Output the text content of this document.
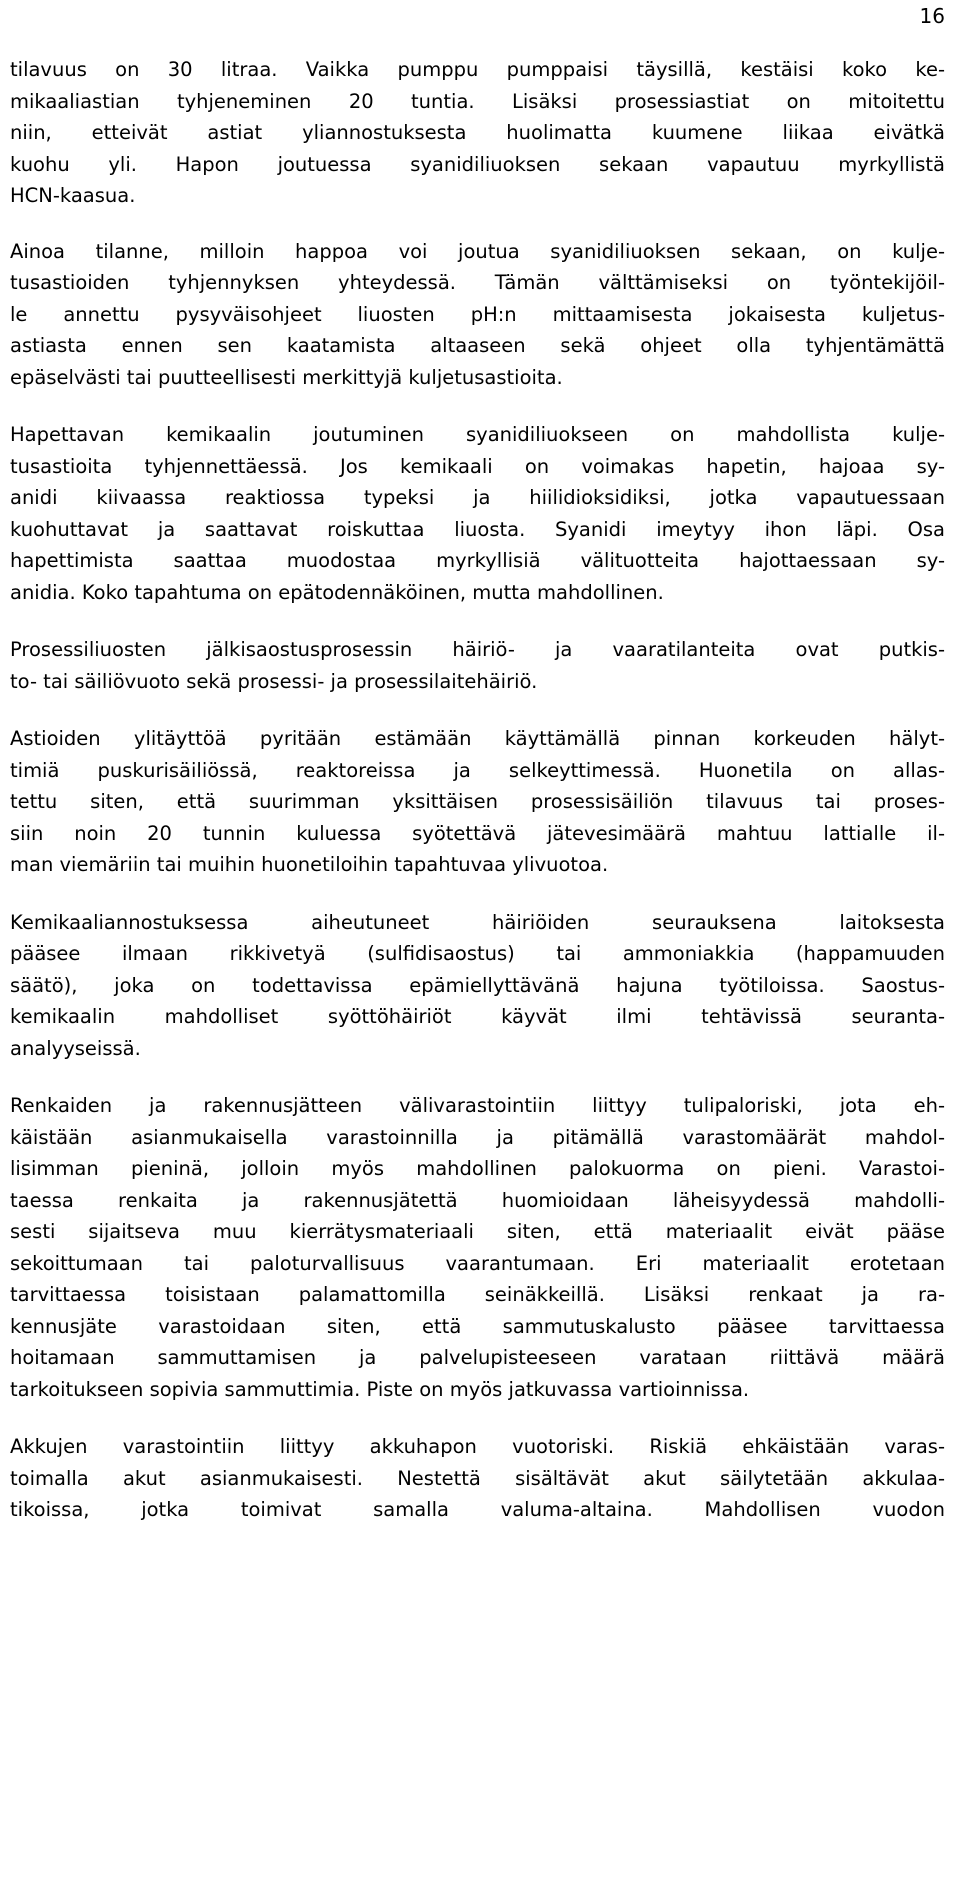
16

tilavuus on 30 litraa. Vaikka pumppu pumppaisi täysillä, kestäisi koko ke-
mikaaliastian tyhjeneminen 20 tuntia. Lisäksi prosessiastiat on mitoitettu
niin, etteivät astiat yliannostuksesta huolimatta kuumene liikaa eivätkä
kuohu yli. Hapon joutuessa syanidiliuoksen sekaan vapautuu myrkyllistä
HCN-kaasua.

Ainoa tilanne, milloin happoa voi joutua syanidiliuoksen sekaan, on kulje-
tusastioiden tyhjennyksen yhteydessä. Tämän välttämiseksi on työntekijöil-
le annettu pysyväisohjeet liuosten pH:n mittaamisesta jokaisesta kuljetus-
astiasta ennen sen kaatamista altaaseen sekä ohjeet olla tyhjentämättä
epäselvästi tai puutteellisesti merkittyjä kuljetusastioita.

Hapettavan kemikaalin joutuminen syanidiliuokseen on mahdollista kulje-
tusastioita tyhjennettäessä. Jos kemikaali on voimakas hapetin, hajoaa sy-
anidi kiivaassa reaktiossa typeksi ja hiilidioksidiksi, jotka vapautuessaan
kuohuttavat ja saattavat roiskuttaa liuosta. Syanidi imeytyy ihon läpi. Osa
hapettimista saattaa muodostaa myrkyllisiä välituotteita hajottaessaan sy-
anidia. Koko tapahtuma on epätodennäköinen, mutta mahdollinen.

Prosessiliuosten jälkisaostusprosessin häiriö- ja vaaratilanteita ovat putkis-
to- tai säiliövuoto sekä prosessi- ja prosessilaitehäiriö.

Astioiden ylitäyttöä pyritään estämään käyttämällä pinnan korkeuden hälyt-
timiä puskurisäiliössä, reaktoreissa ja selkeyttimessä. Huonetila on allas-
tettu siten, että suurimman yksittäisen prosessisäiliön tilavuus tai proses-
siin noin 20 tunnin kuluessa syötettävä jätevesimäärä mahtuu lattialle il-
man viemäriin tai muihin huonetiloihin tapahtuvaa ylivuotoa.

Kemikaaliannostuksessa aiheutuneet häiriöiden seurauksena laitoksesta
pääsee ilmaan rikkivetyä (sulfidisaostus) tai ammoniakkia (happamuuden
säätö), joka on todettavissa epämiellyttävänä hajuna työtiloissa. Saostus-
kemikaalin mahdolliset syöttöhäiriöt käyvät ilmi tehtävissä seuranta-
analyyseissä.

Renkaiden ja rakennusjätteen välivarastointiin liittyy tulipaloriski, jota eh-
käistään asianmukaisella varastoinnilla ja pitämällä varastomäärät mahdol-
lisimman pieninä, jolloin myös mahdollinen palokuorma on pieni. Varastoi-
taessa renkaita ja rakennusjätettä huomioidaan läheisyydessä mahdolli-
sesti sijaitseva muu kierrätysmateriaali siten, että materiaalit eivät pääse
sekoittumaan tai paloturvallisuus vaarantumaan. Eri materiaalit erotetaan
tarvittaessa toisistaan palamattomilla seinäkkeillä. Lisäksi renkaat ja ra-
kennusjäte varastoidaan siten, että sammutuskalusto pääsee tarvittaessa
hoitamaan sammuttamisen ja palvelupisteeseen varataan riittävä määrä
tarkoitukseen sopivia sammuttimia. Piste on myös jatkuvassa vartioinnissa.

Akkujen varastointiin liittyy akkuhapon vuotoriski. Riskiä ehkäistään varas-
toimalla akut asianmukaisesti. Nestettä sisältävät akut säilytetään akkulaa-
tikoissa, jotka toimivat samalla valuma-altaina. Mahdollisen vuodon
